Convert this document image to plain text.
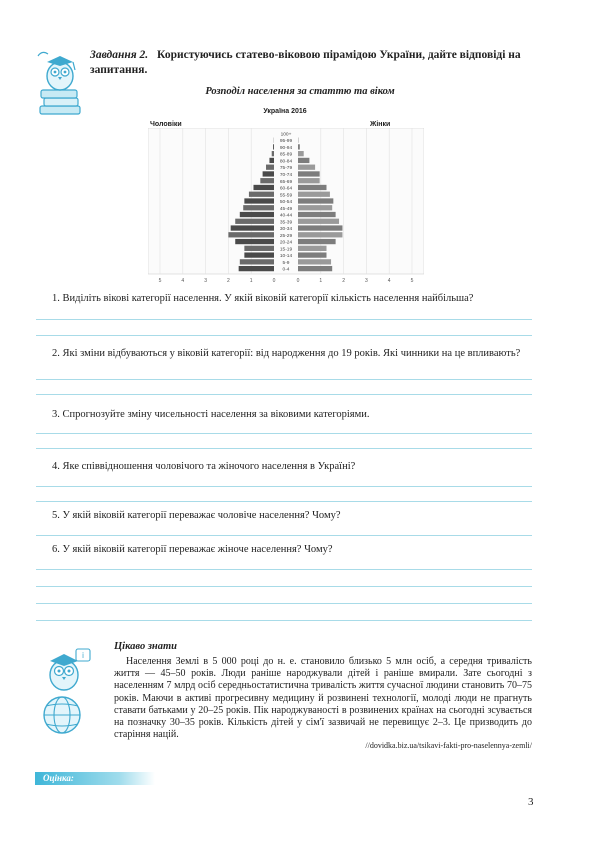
Завдання 2. Користуючись статево-віковою пірамідою України, дайте відповіді на запитання.
Розподіл населення за статтю та віком
Україна 2016
Чоловіки	Жінки
0-4
5-9
10-14
15-19
20-24
25-29
30-34
35-39
40-44
45-49
50-54
55-59
60-64
65-69
70-74
75-79
80-84
85-89
90-94
95-99
100+
5	4	3	2	1	0	0	1	2	3	4	5
1. Виділіть вікові категорії населення. У якій віковій категорії кількість населення найбільша?
2. Які зміни відбуваються у віковій категорії: від народження до 19 років. Які чинники на це впливають?
3. Спрогнозуйте зміну чисельності населення за віковими категоріями.
4. Яке співвідношення чоловічого та жіночого населення в Україні?
5. У якій віковій категорії переважає чоловіче населення? Чому?
6. У якій віковій категорії переважає жіноче населення? Чому?
i
Цікаво знати
Населення Землі в 5 000 році до н. е. становило близько 5 млн осіб, а середня тривалість життя — 45–50 років. Люди раніше народжували дітей і раніше вмирали. Зате сьогодні з населенням 7 млрд осіб середньостатистична тривалість життя сучасної людини становить 70–75 років. Маючи в активі прогресивну медицину й розвинені технології, молоді люди не прагнуть ставати батьками у 20–25 років. Пік народжуваності в розвинених країнах на сьогодні зсувається на позначку 30–35 років. Кількість дітей у сім'ї зазвичай не перевищує 2–3. Це призводить до старіння націй.
//dovidka.biz.ua/tsikavi-fakti-pro-naselennya-zemli/
Оцінка:
3
